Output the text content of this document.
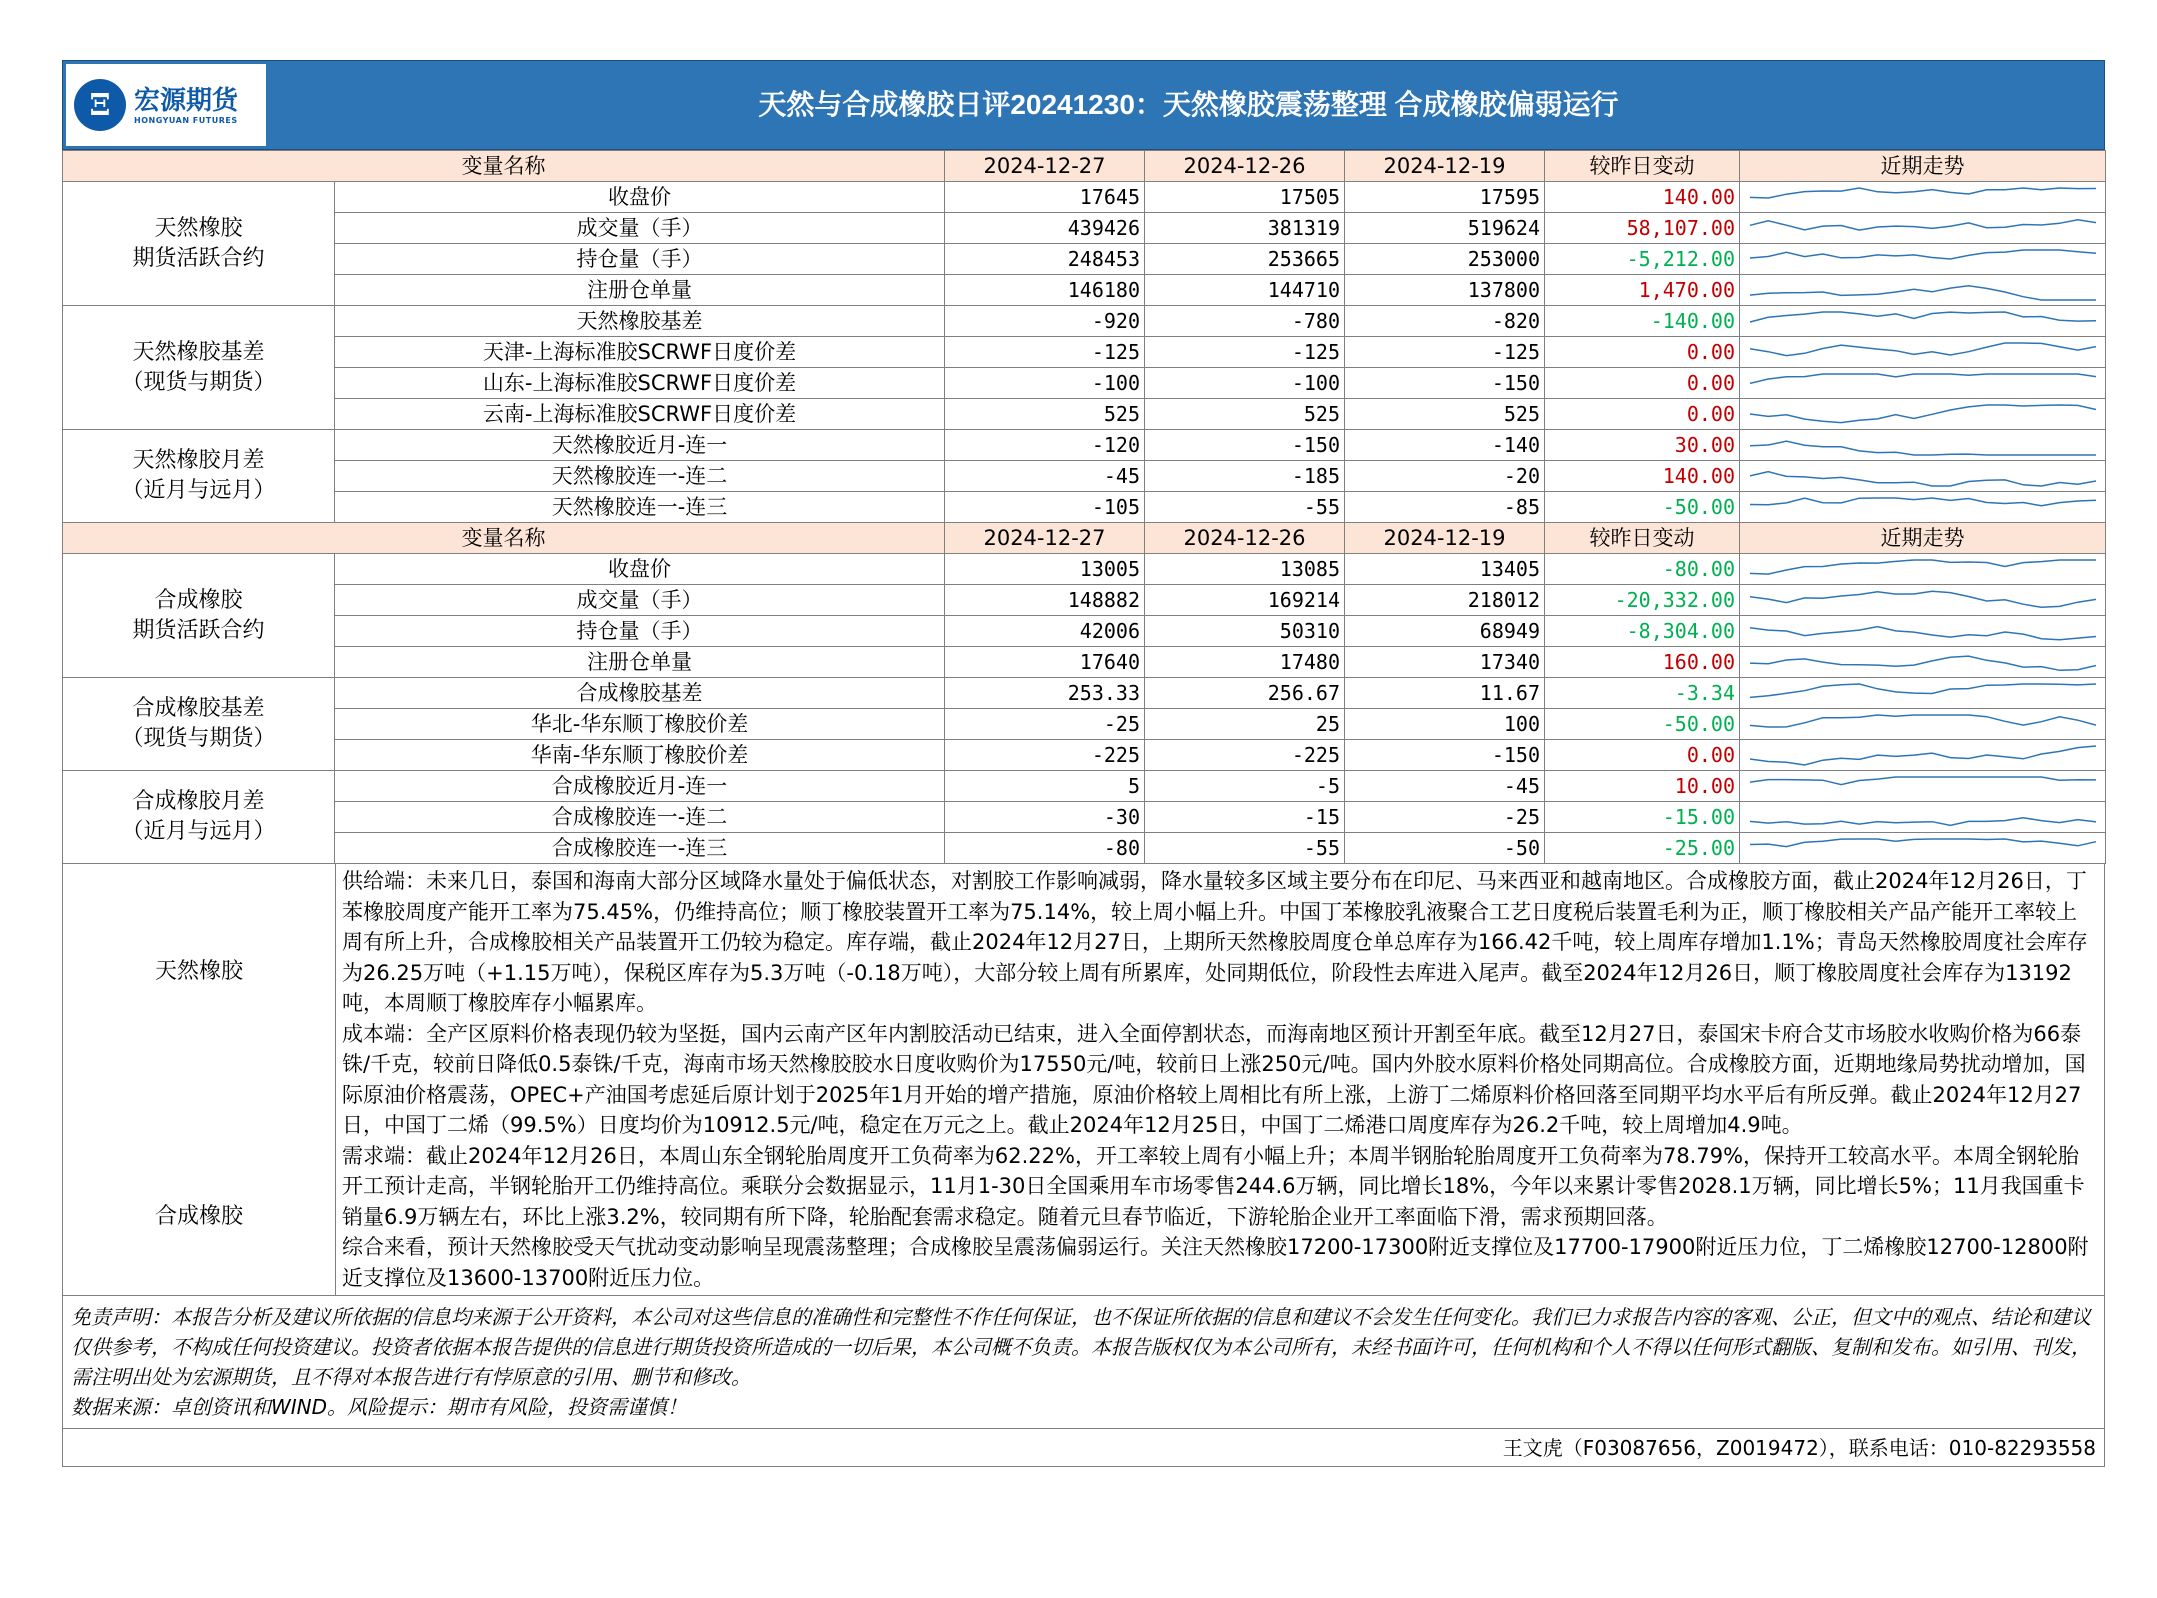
Ξ 宏源期货
HONGYUAN FUTURES	天然与合成橡胶日评20241230：天然橡胶震荡整理 合成橡胶偏弱运行
变量名称		2024-12-27	2024-12-26	2024-12-19	较昨日变动	近期走势

天然橡胶
期货活跃合约	收盘价	17645	17505	17595	140.00	

	成交量（手）	439426	381319	519624	58,107.00	

	持仓量（手）	248453	253665	253000	-5,212.00	

	注册仓单量	146180	144710	137800	1,470.00	

天然橡胶基差
（现货与期货）	天然橡胶基差	-920	-780	-820	-140.00	

	天津-上海标准胶SCRWF日度价差	-125	-125	-125	0.00	

	山东-上海标准胶SCRWF日度价差	-100	-100	-150	0.00	

	云南-上海标准胶SCRWF日度价差	525	525	525	0.00	

天然橡胶月差
（近月与远月）	天然橡胶近月-连一	-120	-150	-140	30.00	

	天然橡胶连一-连二	-45	-185	-20	140.00	

	天然橡胶连一-连三	-105	-55	-85	-50.00	

变量名称		2024-12-27	2024-12-26	2024-12-19	较昨日变动	近期走势

合成橡胶
期货活跃合约	收盘价	13005	13085	13405	-80.00	

	成交量（手）	148882	169214	218012	-20,332.00	

	持仓量（手）	42006	50310	68949	-8,304.00	

	注册仓单量	17640	17480	17340	160.00	

合成橡胶基差
（现货与期货）	合成橡胶基差	253.33	256.67	11.67	-3.34	

	华北-华东顺丁橡胶价差	-25	25	100	-50.00	

	华南-华东顺丁橡胶价差	-225	-225	-150	0.00	

合成橡胶月差
（近月与远月）	合成橡胶近月-连一	5	-5	-45	10.00	

	合成橡胶连一-连二	-30	-15	-25	-15.00	

	合成橡胶连一-连三	-80	-55	-50	-25.00	
天然橡胶
合成橡胶

供给端：未来几日，泰国和海南大部分区域降水量处于偏低状态，对割胶工作影响减弱，降水量较多区域主要分布在印尼、马来西亚和越南地区。合成橡胶方面，截止2024年12月26日，丁苯橡胶周度产能开工率为75.45%，仍维持高位；顺丁橡胶装置开工率为75.14%，较上周小幅上升。中国丁苯橡胶乳液聚合工艺日度税后装置毛利为正，顺丁橡胶相关产品产能开工率较上周有所上升，合成橡胶相关产品装置开工仍较为稳定。库存端，截止2024年12月27日，上期所天然橡胶周度仓单总库存为166.42千吨，较上周库存增加1.1%；青岛天然橡胶周度社会库存为26.25万吨（+1.15万吨），保税区库存为5.3万吨（-0.18万吨），大部分较上周有所累库，处同期低位，阶段性去库进入尾声。截至2024年12月26日，顺丁橡胶周度社会库存为13192吨，本周顺丁橡胶库存小幅累库。

成本端：全产区原料价格表现仍较为坚挺，国内云南产区年内割胶活动已结束，进入全面停割状态，而海南地区预计开割至年底。截至12月27日，泰国宋卡府合艾市场胶水收购价格为66泰铢/千克，较前日降低0.5泰铢/千克，海南市场天然橡胶胶水日度收购价为17550元/吨，较前日上涨250元/吨。国内外胶水原料价格处同期高位。合成橡胶方面，近期地缘局势扰动增加，国际原油价格震荡，OPEC+产油国考虑延后原计划于2025年1月开始的增产措施，原油价格较上周相比有所上涨，上游丁二烯原料价格回落至同期平均水平后有所反弹。截止2024年12月27日，中国丁二烯（99.5%）日度均价为10912.5元/吨，稳定在万元之上。截止2024年12月25日，中国丁二烯港口周度库存为26.2千吨，较上周增加4.9吨。

需求端：截止2024年12月26日，本周山东全钢轮胎周度开工负荷率为62.22%，开工率较上周有小幅上升；本周半钢胎轮胎周度开工负荷率为78.79%，保持开工较高水平。本周全钢轮胎开工预计走高，半钢轮胎开工仍维持高位。乘联分会数据显示，11月1-30日全国乘用车市场零售244.6万辆，同比增长18%，今年以来累计零售2028.1万辆，同比增长5%；11月我国重卡销量6.9万辆左右，环比上涨3.2%，较同期有所下降，轮胎配套需求稳定。随着元旦春节临近，下游轮胎企业开工率面临下滑，需求预期回落。

综合来看，预计天然橡胶受天气扰动变动影响呈现震荡整理；合成橡胶呈震荡偏弱运行。关注天然橡胶17200-17300附近支撑位及17700-17900附近压力位，丁二烯橡胶12700-12800附近支撑位及13600-13700附近压力位。

免责声明：本报告分析及建议所依据的信息均来源于公开资料，本公司对这些信息的准确性和完整性不作任何保证，也不保证所依据的信息和建议不会发生任何变化。我们已力求报告内容的客观、公正，但文中的观点、结论和建议仅供参考，不构成任何投资建议。投资者依据本报告提供的信息进行期货投资所造成的一切后果，本公司概不负责。本报告版权仅为本公司所有，未经书面许可，任何机构和个人不得以任何形式翻版、复制和发布。如引用、刊发，需注明出处为宏源期货，且不得对本报告进行有悖原意的引用、删节和修改。
数据来源：卓创资讯和WIND。风险提示：期市有风险，投资需谨慎！
王文虎（F03087656，Z0019472），联系电话：010-82293558
